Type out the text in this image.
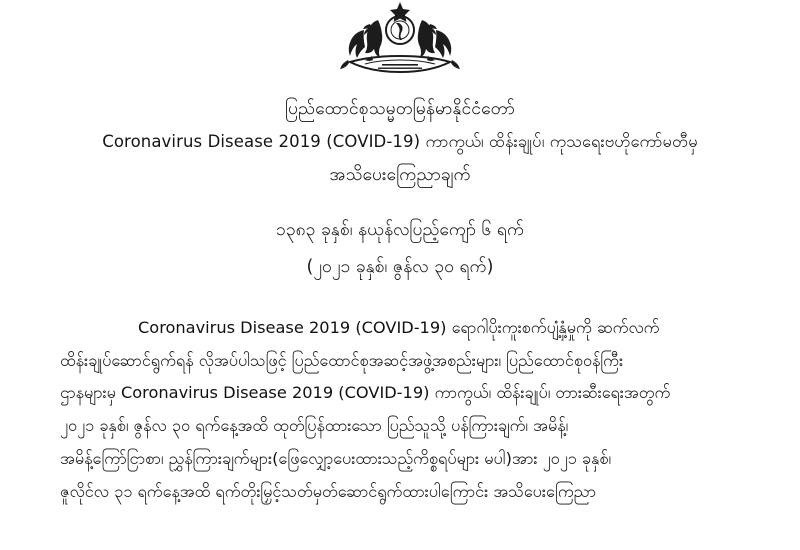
ပြည်ထောင်စုသမ္မတမြန်မာနိုင်ငံတော်
Coronavirus Disease 2019 (COVID-19) ကာကွယ်၊ ထိန်းချုပ်၊ ကုသရေးဗဟိုကော်မတီမှ
အသိပေးကြေညာချက်
၁၃၈၃ ခုနှစ်၊ နယုန်လပြည့်ကျော် ၆ ရက်
(၂၀၂၁ ခုနှစ်၊ ဇွန်လ ၃၀ ရက်)
Coronavirus Disease 2019 (COVID-19) ရောဂါပိုးကူးစက်ပျံ့နှံ့မှုကို ဆက်လက်
ထိန်းချုပ်ဆောင်ရွက်ရန် လိုအပ်ပါသဖြင့် ပြည်ထောင်စုအဆင့်အဖွဲ့အစည်းများ၊ ပြည်ထောင်စုဝန်ကြီး
ဌာနများမှ Coronavirus Disease 2019 (COVID-19) ကာကွယ်၊ ထိန်းချုပ်၊ တားဆီးရေးအတွက်
၂၀၂၁ ခုနှစ်၊ ဇွန်လ ၃၀ ရက်နေ့အထိ ထုတ်ပြန်ထားသော ပြည်သူသို့ ပန်ကြားချက်၊ အမိန့်၊
အမိန့်ကြော်ငြာစာ၊ ညွှန်ကြားချက်များ(ဖြေလျှော့ပေးထားသည့်ကိစ္စရပ်များ မပါ)အား ၂၀၂၁ ခုနှစ်၊
ဇူလိုင်လ ၃၁ ရက်နေ့အထိ ရက်တိုးမြှင့်သတ်မှတ်ဆောင်ရွက်ထားပါကြောင်း အသိပေးကြေညာ
